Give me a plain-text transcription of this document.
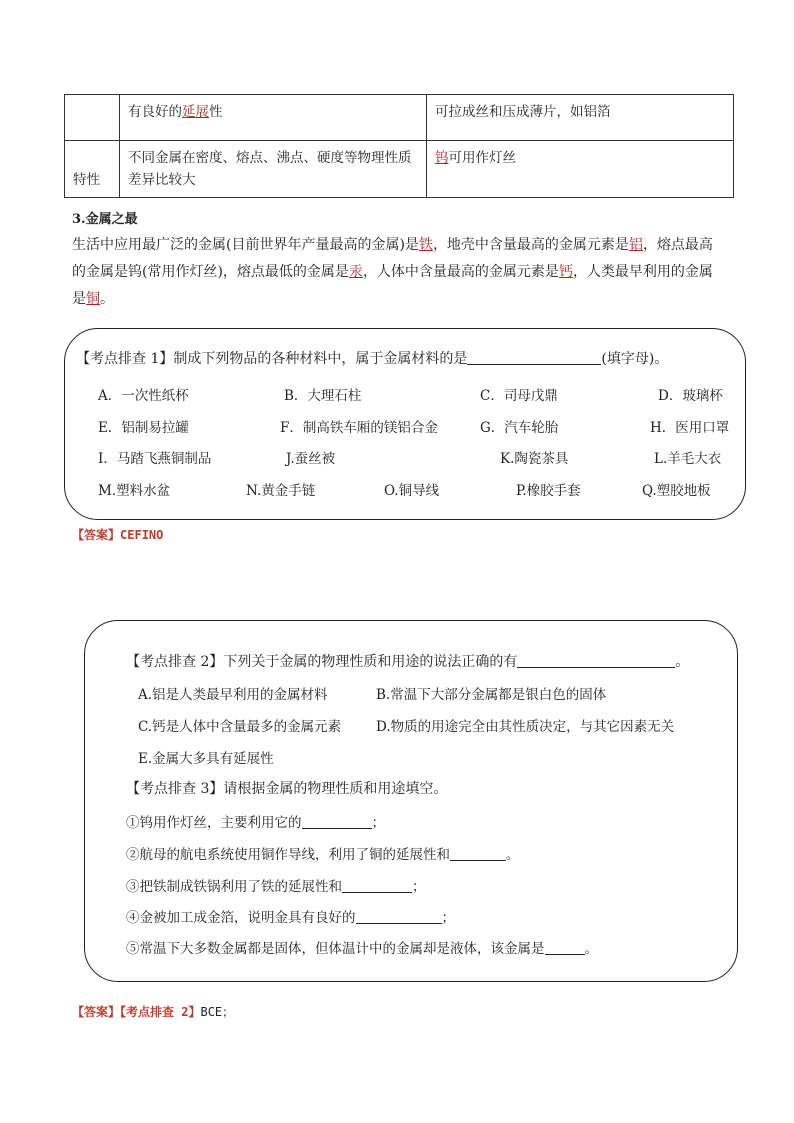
	有良好的延展性	可拉成丝和压成薄片，如铝箔
特性	不同金属在密度、熔点、沸点、硬度等物理性质差异比较大	钨可用作灯丝
3.金属之最
生活中应用最广泛的金属(目前世界年产量最高的金属)是铁，地壳中含量最高的金属元素是铝，熔点最高
的金属是钨(常用作灯丝)，熔点最低的金属是汞，人体中含量最高的金属元素是钙，人类最早利用的金属
是铜。
【考点排查 1】制成下列物品的各种材料中，属于金属材料的是	(填字母)。
A．一次性纸杯	B．大理石柱	C．司母戊鼎	D．玻璃杯
E．铝制易拉罐	F．制高铁车厢的镁铝合金	G．汽车轮胎	H．医用口罩
I．马踏飞燕铜制品	J.蚕丝被	K.陶瓷茶具	L.羊毛大衣
M.塑料水盆	N.黄金手链	O.铜导线	P.橡胶手套	Q.塑胶地板
【答案】CEFINO
【考点排查 2】下列关于金属的物理性质和用途的说法正确的有	。
A.铝是人类最早利用的金属材料	B.常温下大部分金属都是银白色的固体
C.钙是人体中含量最多的金属元素	D.物质的用途完全由其性质决定，与其它因素无关
E.金属大多具有延展性
【考点排查 3】请根据金属的物理性质和用途填空。
①钨用作灯丝，主要利用它的	；
②航母的航电系统使用铜作导线，利用了铜的延展性和	。
③把铁制成铁锅利用了铁的延展性和	；
④金被加工成金箔，说明金具有良好的	；
⑤常温下大多数金属都是固体，但体温计中的金属却是液体，该金属是	。
【答案】【考点排查 2】BCE；
